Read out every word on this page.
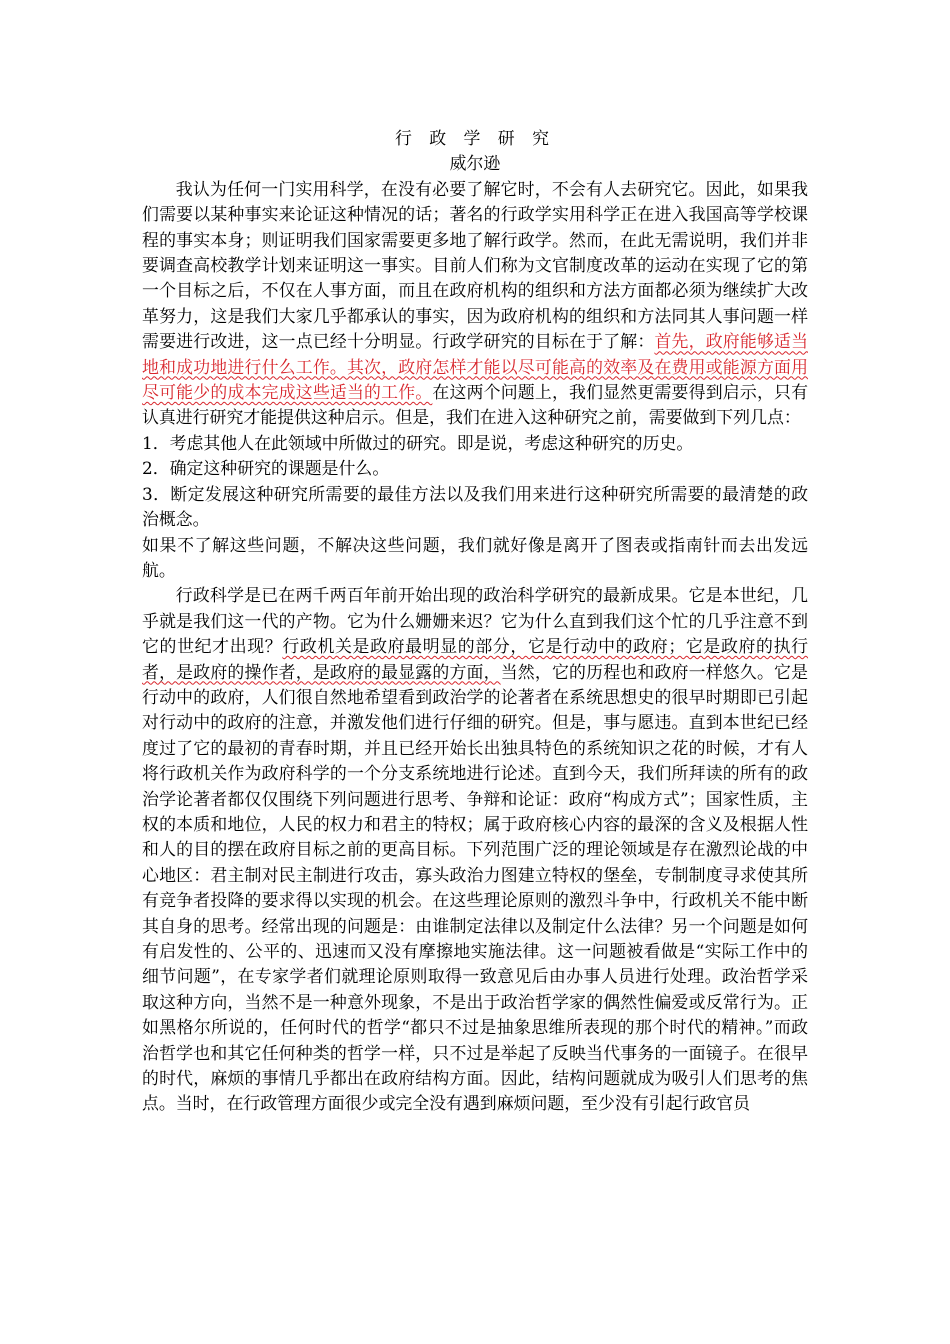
行 政 学 研 究
威尔逊

我认为任何一门实用科学，在没有必要了解它时，不会有人去研究它。因此，如果我们需要以某种事实来论证这种情况的话；著名的行政学实用科学正在进入我国高等学校课程的事实本身；则证明我们国家需要更多地了解行政学。然而，在此无需说明，我们并非要调查高校教学计划来证明这一事实。目前人们称为文官制度改革的运动在实现了它的第一个目标之后，不仅在人事方面，而且在政府机构的组织和方法方面都必须为继续扩大改革努力，这是我们大家几乎都承认的事实，因为政府机构的组织和方法同其人事问题一样需要进行改进，这一点已经十分明显。行政学研究的目标在于了解：首先，政府能够适当地和成功地进行什么工作。其次，政府怎样才能以尽可能高的效率及在费用或能源方面用尽可能少的成本完成这些适当的工作。在这两个问题上，我们显然更需要得到启示，只有认真进行研究才能提供这种启示。但是，我们在进入这种研究之前，需要做到下列几点：

1．考虑其他人在此领域中所做过的研究。即是说，考虑这种研究的历史。

2．确定这种研究的课题是什么。

3．断定发展这种研究所需要的最佳方法以及我们用来进行这种研究所需要的最清楚的政治概念。

如果不了解这些问题，不解决这些问题，我们就好像是离开了图表或指南针而去出发远航。

行政科学是已在两千两百年前开始出现的政治科学研究的最新成果。它是本世纪，几乎就是我们这一代的产物。它为什么姗姗来迟？它为什么直到我们这个忙的几乎注意不到它的世纪才出现？行政机关是政府最明显的部分，它是行动中的政府；它是政府的执行者，是政府的操作者，是政府的最显露的方面，当然，它的历程也和政府一样悠久。它是行动中的政府，人们很自然地希望看到政治学的论著者在系统思想史的很早时期即已引起对行动中的政府的注意，并激发他们进行仔细的研究。但是，事与愿违。直到本世纪已经度过了它的最初的青春时期，并且已经开始长出独具特色的系统知识之花的时候，才有人将行政机关作为政府科学的一个分支系统地进行论述。直到今天，我们所拜读的所有的政治学论著者都仅仅围绕下列问题进行思考、争辩和论证：政府“构成方式”；国家性质，主权的本质和地位，人民的权力和君主的特权；属于政府核心内容的最深的含义及根据人性和人的目的摆在政府目标之前的更高目标。下列范围广泛的理论领域是存在激烈论战的中心地区：君主制对民主制进行攻击，寡头政治力图建立特权的堡垒，专制制度寻求使其所有竞争者投降的要求得以实现的机会。在这些理论原则的激烈斗争中，行政机关不能中断其自身的思考。经常出现的问题是：由谁制定法律以及制定什么法律？另一个问题是如何有启发性的、公平的、迅速而又没有摩擦地实施法律。这一问题被看做是“实际工作中的细节问题”，在专家学者们就理论原则取得一致意见后由办事人员进行处理。政治哲学采取这种方向，当然不是一种意外现象，不是出于政治哲学家的偶然性偏爱或反常行为。正如黑格尔所说的，任何时代的哲学“都只不过是抽象思维所表现的那个时代的精神。”而政治哲学也和其它任何种类的哲学一样，只不过是举起了反映当代事务的一面镜子。在很早的时代，麻烦的事情几乎都出在政府结构方面。因此，结构问题就成为吸引人们思考的焦点。当时，在行政管理方面很少或完全没有遇到麻烦问题，至少没有引起行政官员
